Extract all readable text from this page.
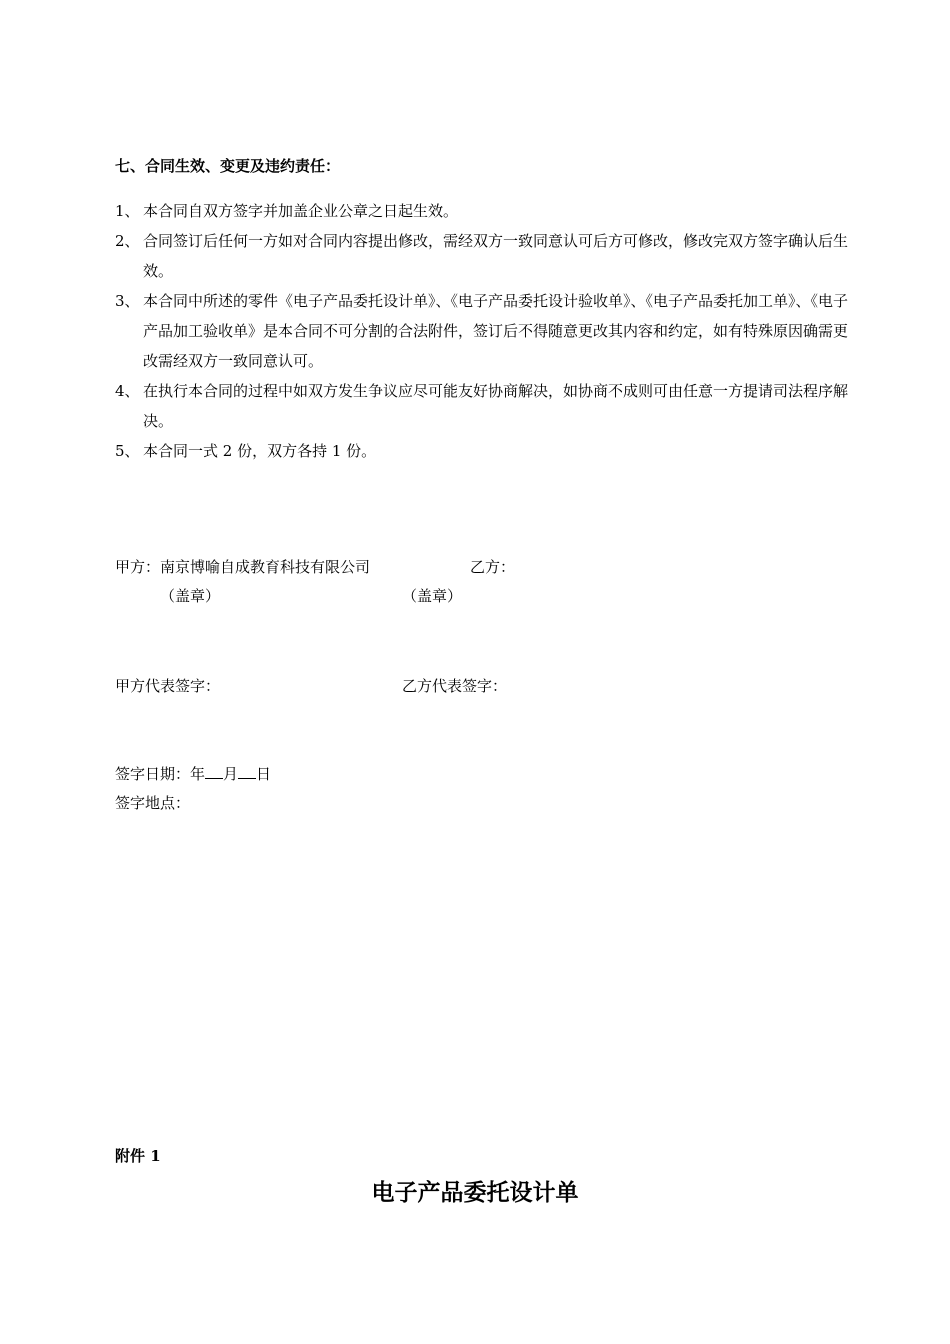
七、合同生效、变更及违约责任：
1、 本合同自双方签字并加盖企业公章之日起生效。
2、 合同签订后任何一方如对合同内容提出修改，需经双方一致同意认可后方可修改，修改完双方签字确认后生效。
3、 本合同中所述的零件《电子产品委托设计单》、《电子产品委托设计验收单》、《电子产品委托加工单》、《电子产品加工验收单》是本合同不可分割的合法附件，签订后不得随意更改其内容和约定，如有特殊原因确需更改需经双方一致同意认可。
4、 在执行本合同的过程中如双方发生争议应尽可能友好协商解决，如协商不成则可由任意一方提请司法程序解决。
5、 本合同一式 2 份，双方各持 1 份。
甲方：南京博喻自成教育科技有限公司	乙方：
（盖章）	（盖章）
甲方代表签字：	乙方代表签字：
签字日期：年 月 日
签字地点：
附件 1
电子产品委托设计单
